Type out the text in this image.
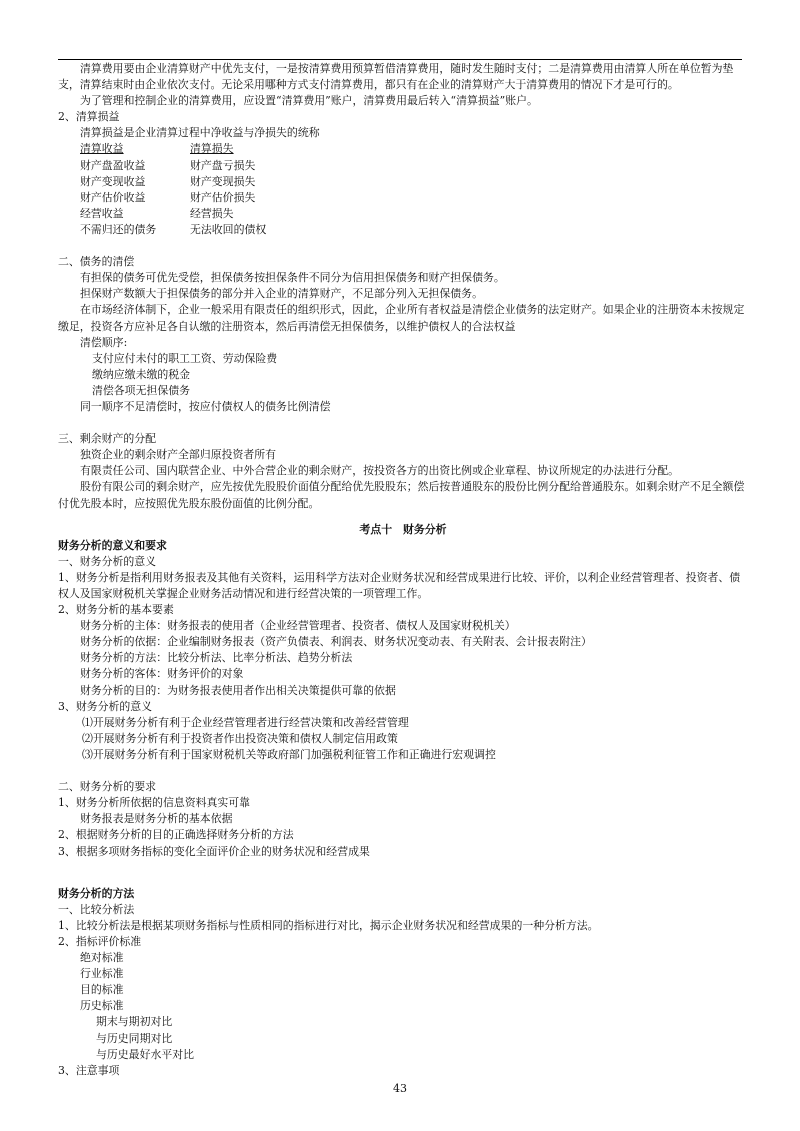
清算费用要由企业清算财产中优先支付，一是按清算费用预算暂借清算费用，随时发生随时支付；二是清算费用由清算人所在单位暂为垫支，清算结束时由企业依次支付。无论采用哪种方式支付清算费用，都只有在企业的清算财产大于清算费用的情况下才是可行的。
为了管理和控制企业的清算费用，应设置“清算费用”账户，清算费用最后转入“清算损益”账户。
2、清算损益
清算损益是企业清算过程中净收益与净损失的统称
清算收益	清算损失
财产盘盈收益	财产盘亏损失
财产变现收益	财产变现损失
财产估价收益	财产估价损失
经营收益	经营损失
不需归还的债务	无法收回的债权
二、债务的清偿
有担保的债务可优先受偿，担保债务按担保条件不同分为信用担保债务和财产担保债务。
担保财产数额大于担保债务的部分并入企业的清算财产，不足部分列入无担保债务。
在市场经济体制下，企业一般采用有限责任的组织形式，因此，企业所有者权益是清偿企业债务的法定财产。如果企业的注册资本未按规定缴足，投资各方应补足各自认缴的注册资本，然后再清偿无担保债务，以维护债权人的合法权益
清偿顺序:
支付应付未付的职工工资、劳动保险费
缴纳应缴未缴的税金
清偿各项无担保债务
同一顺序不足清偿时，按应付债权人的债务比例清偿
三、剩余财产的分配
独资企业的剩余财产全部归原投资者所有
有限责任公司、国内联营企业、中外合营企业的剩余财产，按投资各方的出资比例或企业章程、协议所规定的办法进行分配。
股份有限公司的剩余财产，应先按优先股股价面值分配给优先股股东；然后按普通股东的股份比例分配给普通股东。如剩余财产不足全额偿付优先股本时，应按照优先股东股份面值的比例分配。
考点十　财务分析
财务分析的意义和要求
一、财务分析的意义
1、财务分析是指利用财务报表及其他有关资料，运用科学方法对企业财务状况和经营成果进行比较、评价，以利企业经营管理者、投资者、债权人及国家财税机关掌握企业财务活动情况和进行经营决策的一项管理工作。
2、财务分析的基本要素
财务分析的主体：财务报表的使用者（企业经营管理者、投资者、债权人及国家财税机关）
财务分析的依据：企业编制财务报表（资产负债表、利润表、财务状况变动表、有关附表、会计报表附注）
财务分析的方法：比较分析法、比率分析法、趋势分析法
财务分析的客体：财务评价的对象
财务分析的目的：为财务报表使用者作出相关决策提供可靠的依据
3、财务分析的意义
⑴开展财务分析有利于企业经营管理者进行经营决策和改善经营管理
⑵开展财务分析有利于投资者作出投资决策和债权人制定信用政策
⑶开展财务分析有利于国家财税机关等政府部门加强税利征管工作和正确进行宏观调控
二、财务分析的要求
1、财务分析所依据的信息资料真实可靠
财务报表是财务分析的基本依据
2、根据财务分析的目的正确选择财务分析的方法
3、根据多项财务指标的变化全面评价企业的财务状况和经营成果
财务分析的方法
一、比较分析法
1、比较分析法是根据某项财务指标与性质相同的指标进行对比，揭示企业财务状况和经营成果的一种分析方法。
2、指标评价标准
绝对标准
行业标准
目的标准
历史标准
期末与期初对比
与历史同期对比
与历史最好水平对比
3、注意事项
43
